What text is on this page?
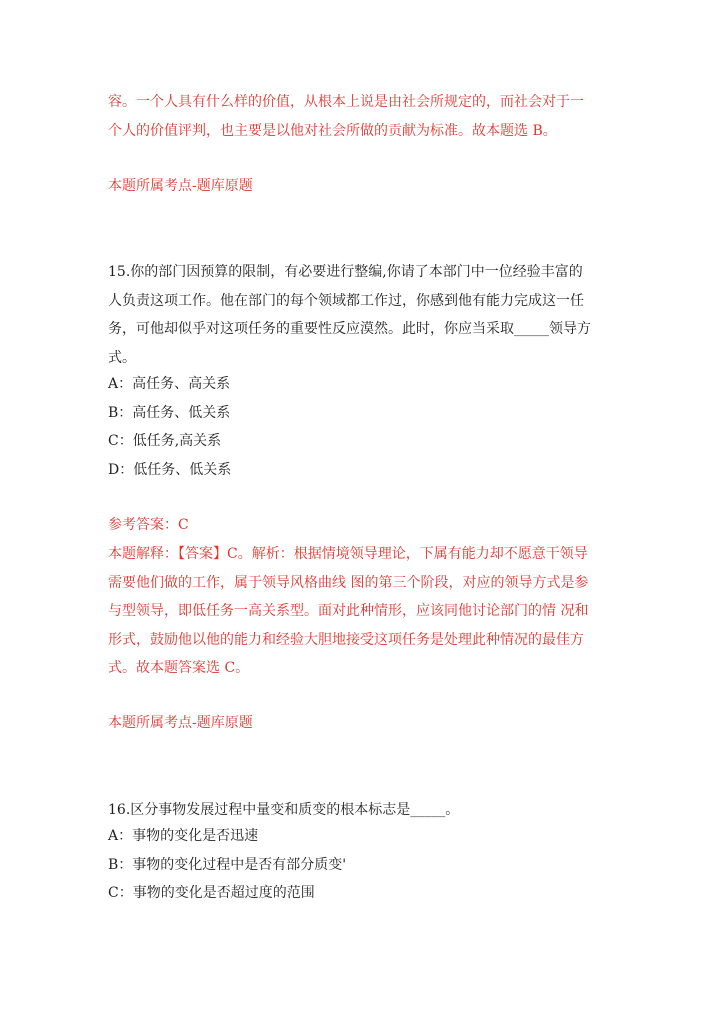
容。一个人具有什么样的价值，从根本上说是由社会所规定的，而社会对于一
个人的价值评判，也主要是以他对社会所做的贡献为标准。故本题选 B。
本题所属考点-题库原题
15.你的部门因预算的限制，有必要进行整编,你请了本部门中一位经验丰富的
人负责这项工作。他在部门的每个领域都工作过，你感到他有能力完成这一任
务，可他却似乎对这项任务的重要性反应漠然。此时，你应当采取_____领导方
式。
A：高任务、高关系
B：高任务、低关系
C：低任务,高关系
D：低任务、低关系
参考答案：C
本题解释：【答案】C。解析：根据情境领导理论，下属有能力却不愿意干领导
需要他们做的工作，属于领导风格曲线 图的第三个阶段，对应的领导方式是参
与型领导，即低任务一高关系型。面对此种情形，应该同他讨论部门的情 况和
形式，鼓励他以他的能力和经验大胆地接受这项任务是处理此种情况的最佳方
式。故本题答案选 C。
本题所属考点-题库原题
16.区分事物发展过程中量变和质变的根本标志是_____。
A：事物的变化是否迅速
B：事物的变化过程中是否有部分质变'
C：事物的变化是否超过度的范围
